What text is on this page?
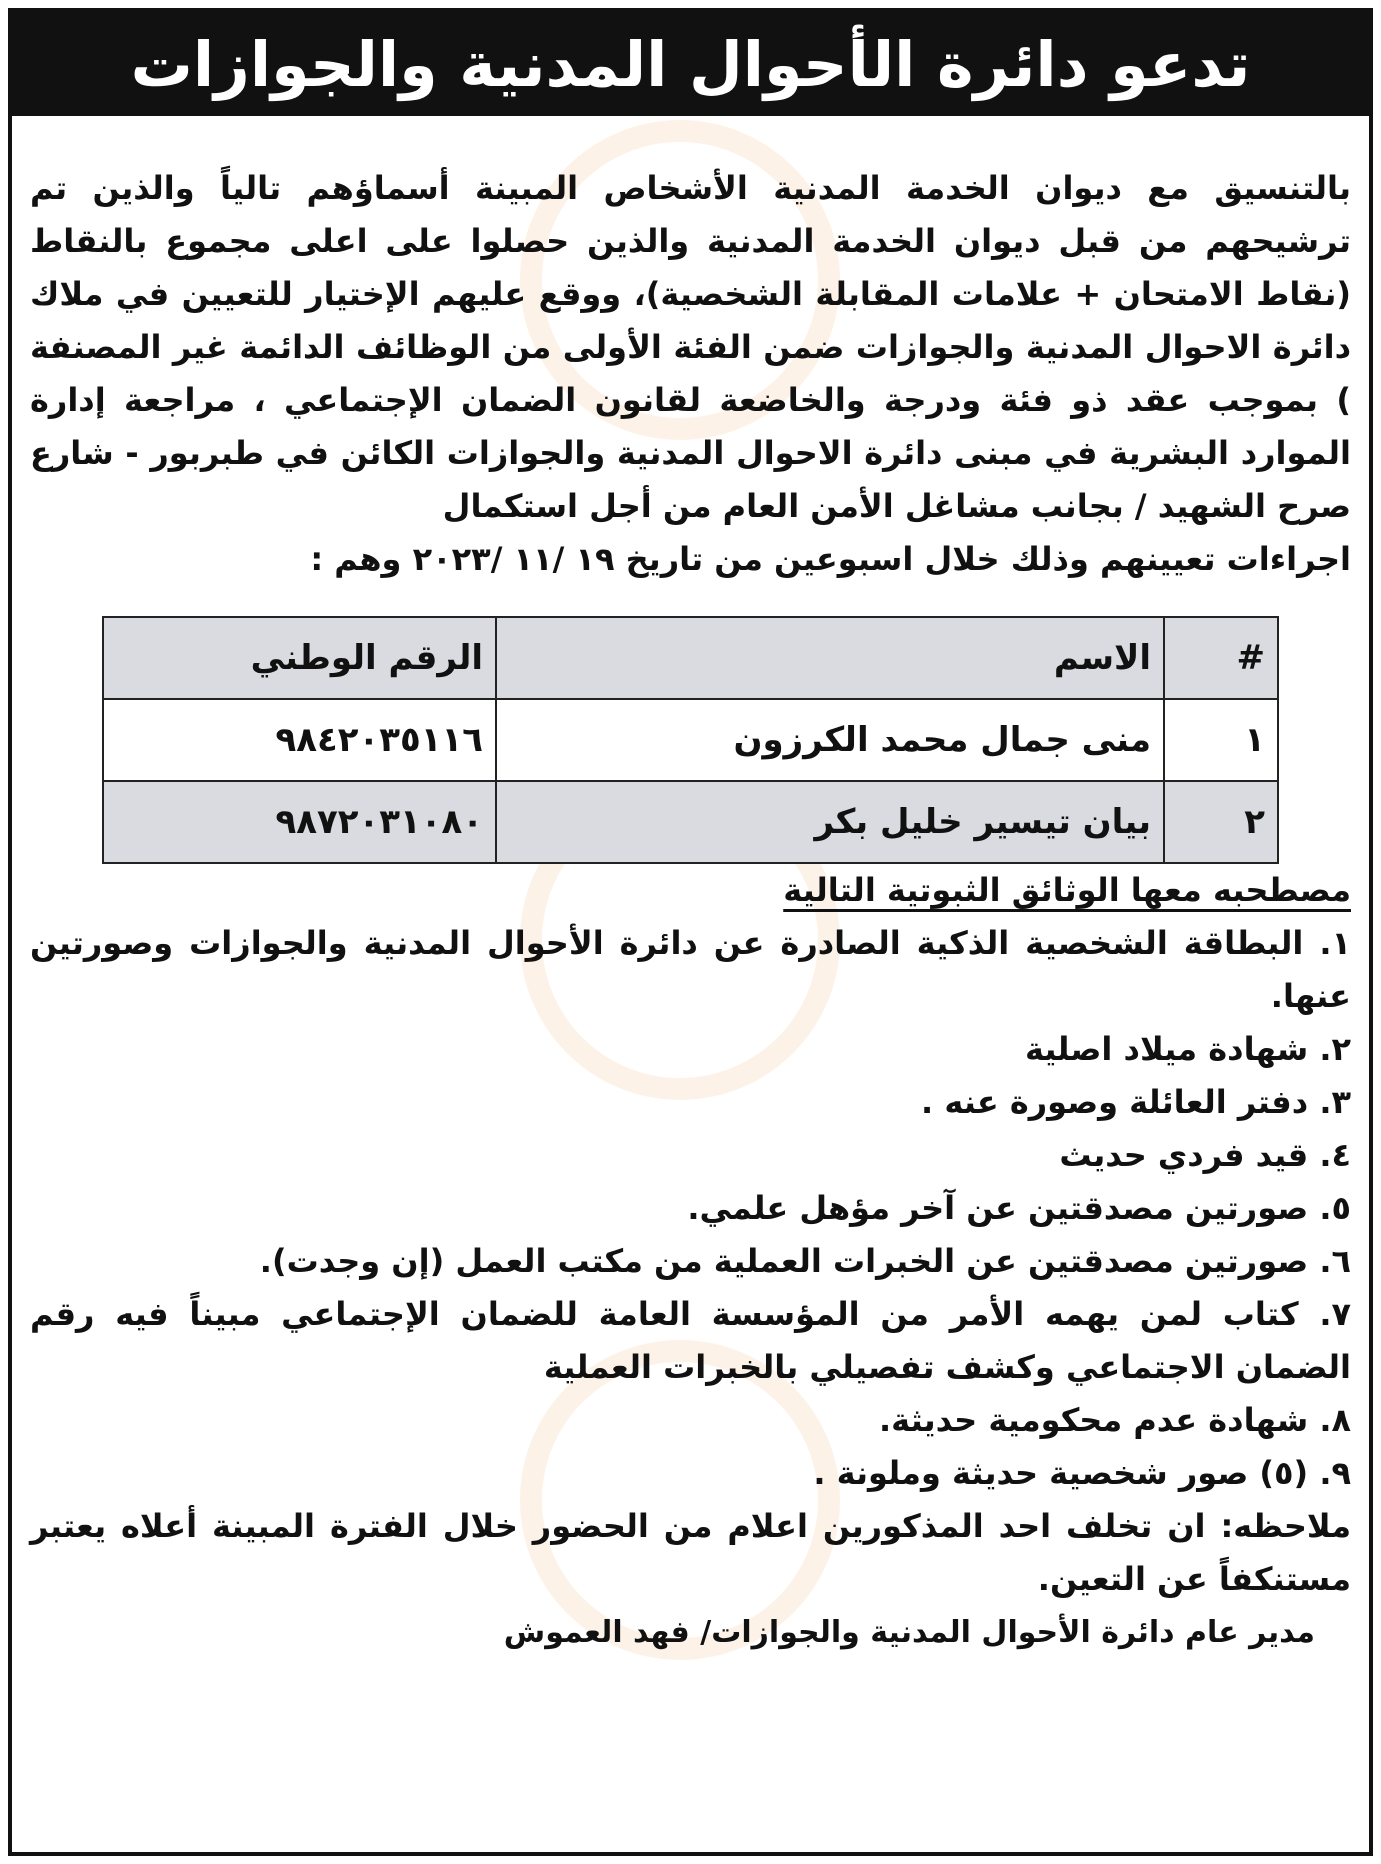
تدعو دائرة الأحوال المدنية والجوازات

بالتنسيق مع ديوان الخدمة المدنية الأشخاص المبينة أسماؤهم تالياً والذين تم ترشيحهم من قبل ديوان الخدمة المدنية والذين حصلوا على اعلى مجموع بالنقاط (نقاط الامتحان + علامات المقابلة الشخصية)، ووقع عليهم الإختيار للتعيين في ملاك دائرة الاحوال المدنية والجوازات ضمن الفئة الأولى من الوظائف الدائمة غير المصنفة ) بموجب عقد ذو فئة ودرجة والخاضعة لقانون الضمان الإجتماعي ، مراجعة إدارة الموارد البشرية في مبنى دائرة الاحوال المدنية والجوازات الكائن في طبربور - شارع صرح الشهيد / بجانب مشاغل الأمن العام من أجل استكمال

اجراءات تعيينهم وذلك خلال اسبوعين من تاريخ ١٩ /١١ /٢٠٢٣ وهم :

#	الاسم	الرقم الوطني
١	منى جمال محمد الكرزون	٩٨٤٢٠٣٥١١٦
٢	بيان تيسير خليل بكر	٩٨٧٢٠٣١٠٨٠

مصطحبه معها الوثائق الثبوتية التالية

١. البطاقة الشخصية الذكية الصادرة عن دائرة الأحوال المدنية والجوازات وصورتين عنها.
٢. شهادة ميلاد اصلية
٣. دفتر العائلة وصورة عنه .
٤. قيد فردي حديث
٥. صورتين مصدقتين عن آخر مؤهل علمي.
٦. صورتين مصدقتين عن الخبرات العملية من مكتب العمل (إن وجدت).
٧. كتاب لمن يهمه الأمر من المؤسسة العامة للضمان الإجتماعي مبيناً فيه رقم الضمان الاجتماعي وكشف تفصيلي بالخبرات العملية
٨. شهادة عدم محكومية حديثة.
٩. (٥) صور شخصية حديثة وملونة .

ملاحظه: ان تخلف احد المذكورين اعلام من الحضور خلال الفترة المبينة أعلاه يعتبر مستنكفاً عن التعين.

مدير عام دائرة الأحوال المدنية والجوازات/ فهد العموش
